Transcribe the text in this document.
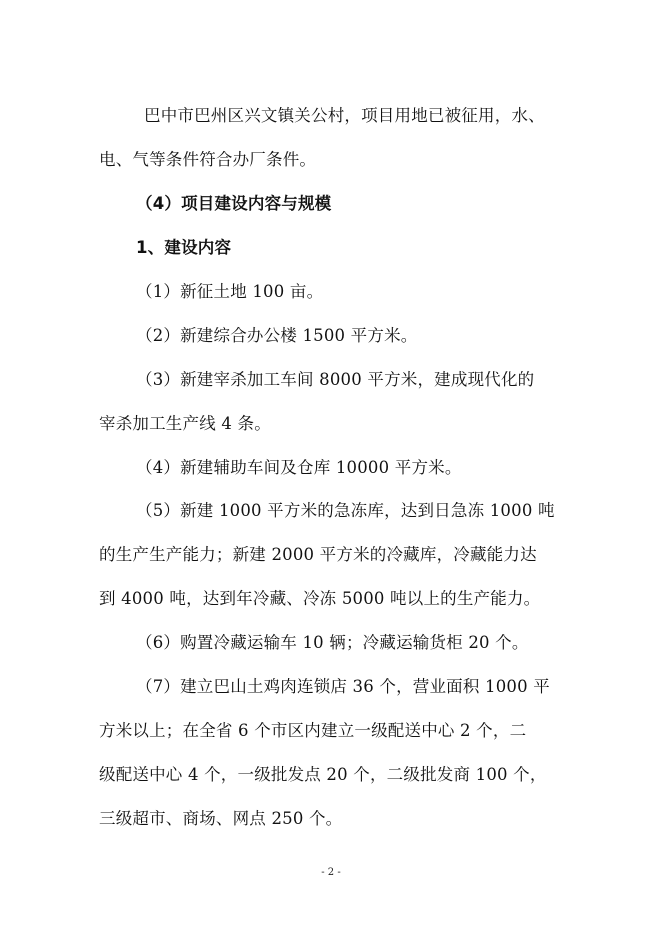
巴中市巴州区兴文镇关公村，项目用地已被征用，水、
电、气等条件符合办厂条件。
（4）项目建设内容与规模
1、建设内容
（1）新征土地 100 亩。
（2）新建综合办公楼 1500 平方米。
（3）新建宰杀加工车间 8000 平方米，建成现代化的
宰杀加工生产线 4 条。
（4）新建辅助车间及仓库 10000 平方米。
（5）新建 1000 平方米的急冻库，达到日急冻 1000 吨
的生产生产能力；新建 2000 平方米的冷藏库，冷藏能力达
到 4000 吨，达到年冷藏、冷冻 5000 吨以上的生产能力。
（6）购置冷藏运输车 10 辆；冷藏运输货柜 20 个。
（7）建立巴山土鸡肉连锁店 36 个，营业面积 1000 平
方米以上；在全省 6 个市区内建立一级配送中心 2 个，二
级配送中心 4 个，一级批发点 20 个，二级批发商 100 个，
三级超市、商场、网点 250 个。
- 2 -
